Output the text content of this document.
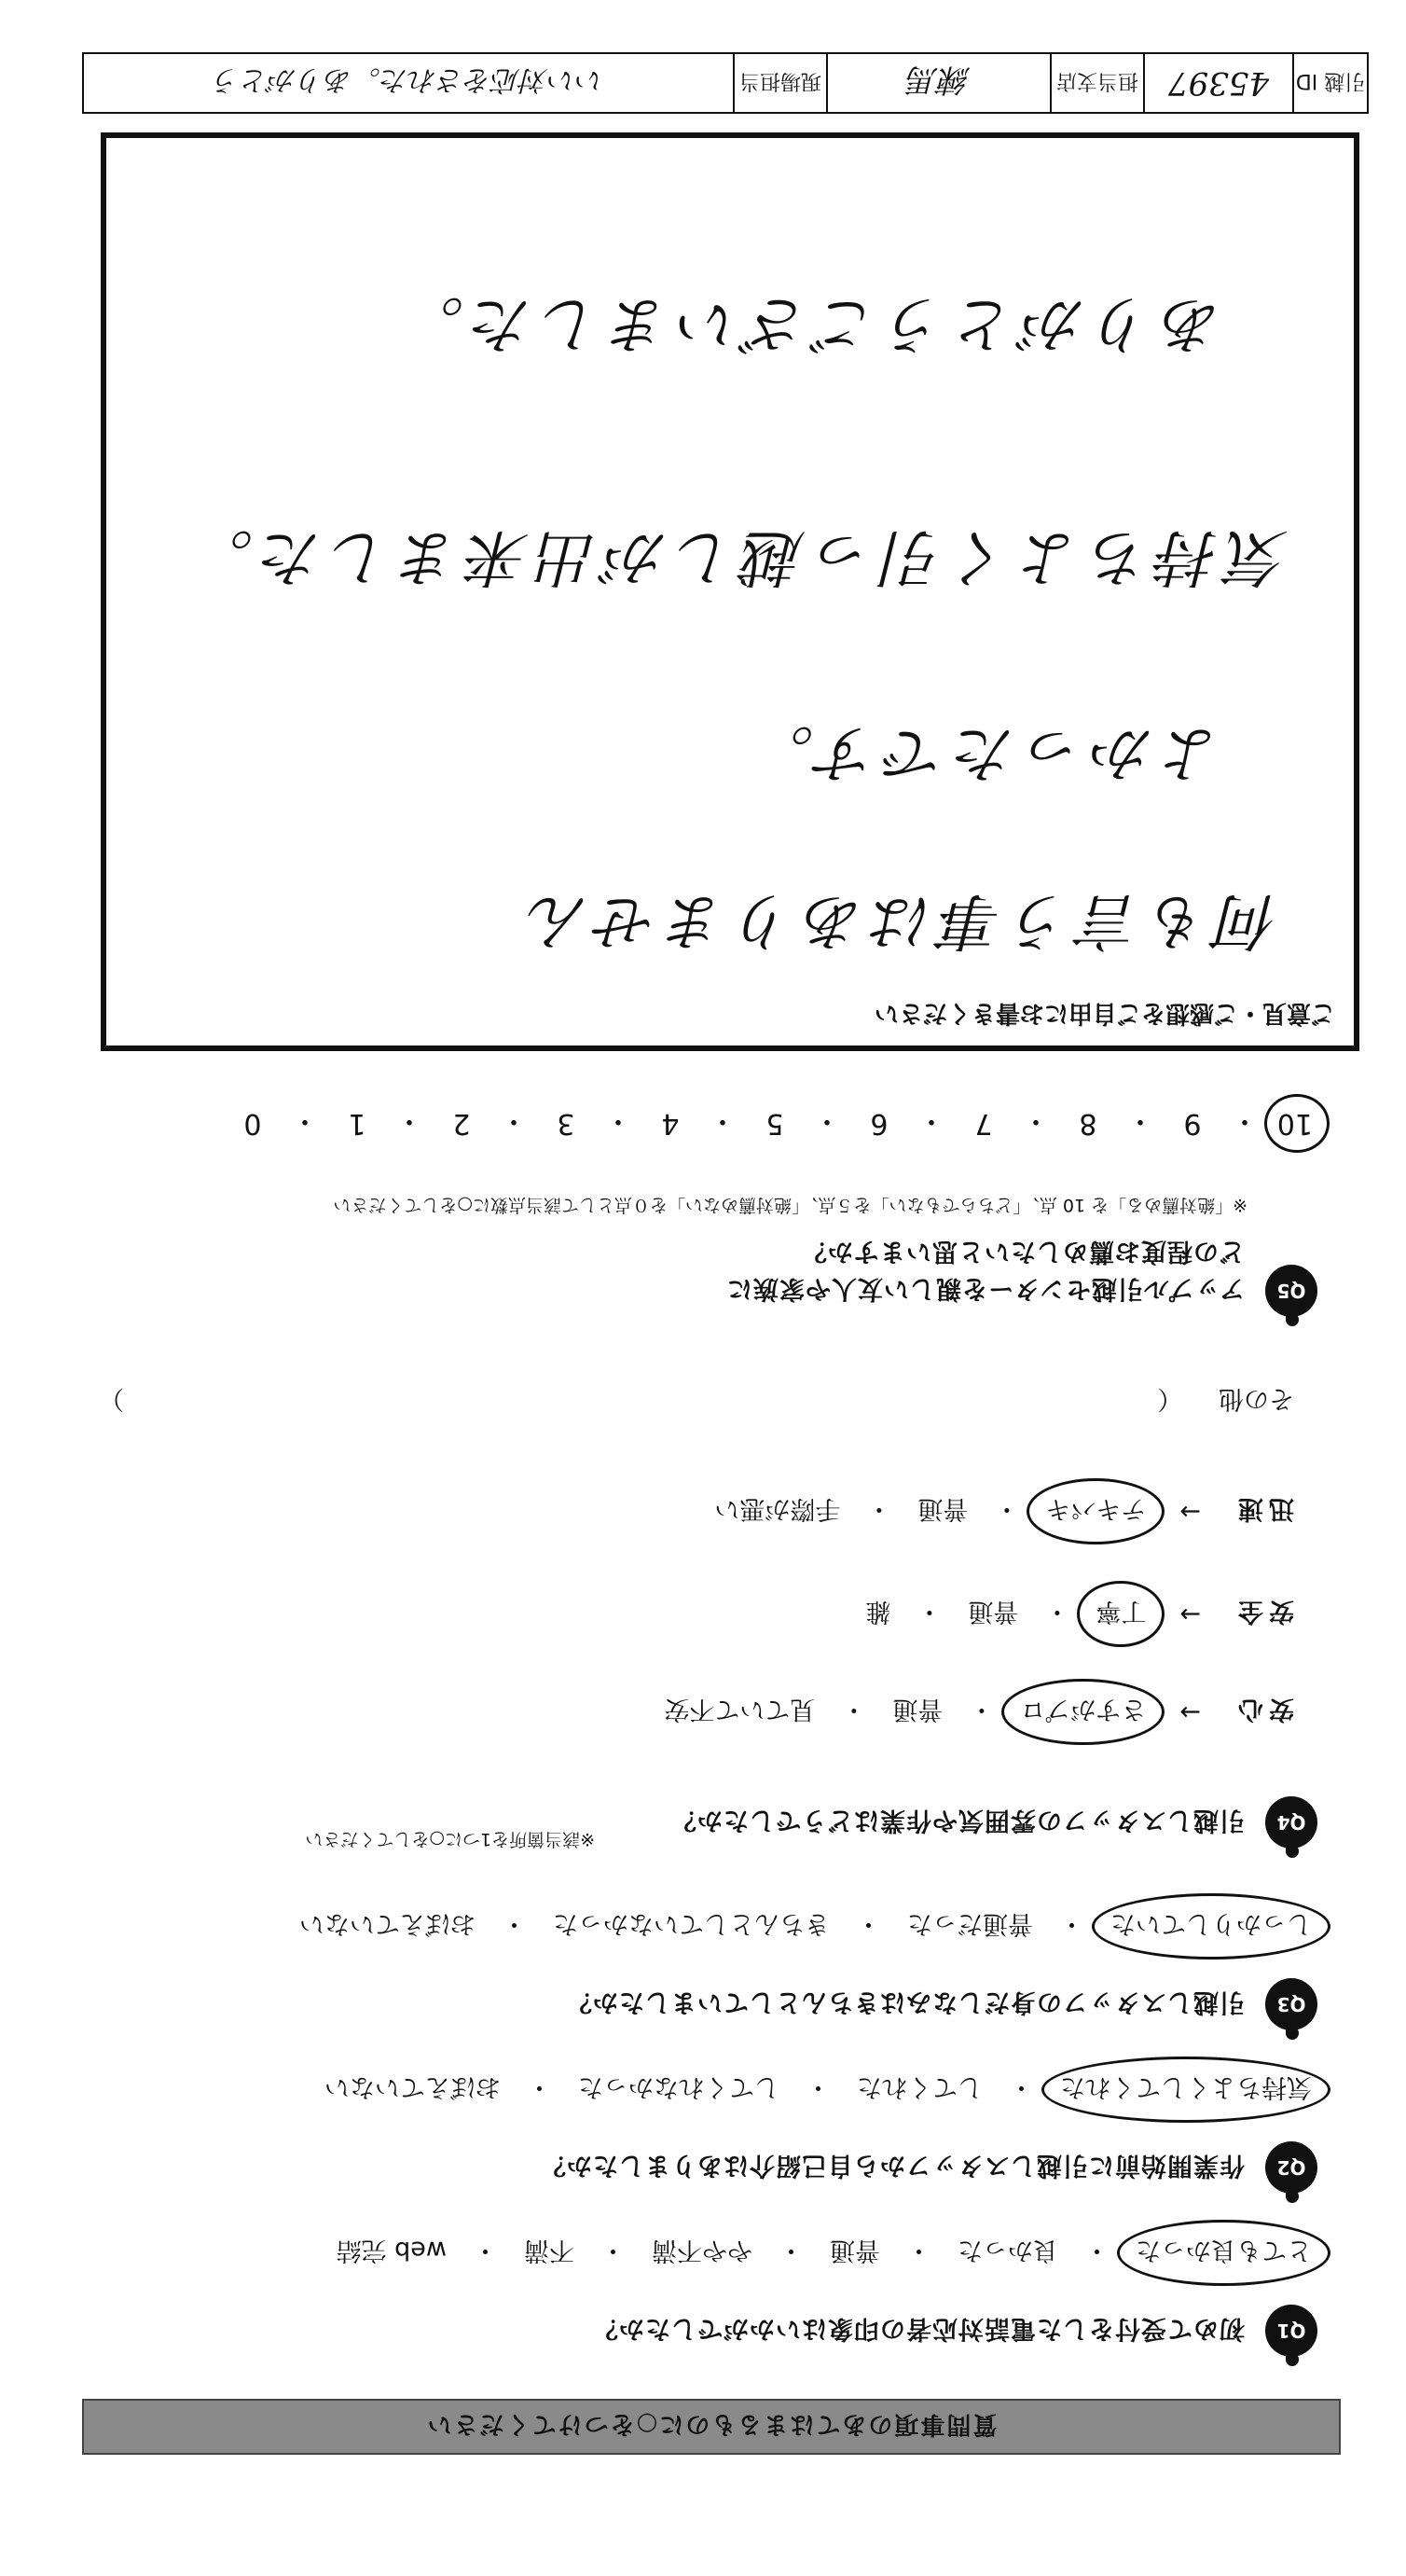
質問事項のあてはまるものに○をつけてください
Q1
初めて受付をした電話対応者の印象はいかがでしたか？
とても良かった
・
良かった
・
普通
・
やや不満
・
不満
・
web 完結
Q2
作業開始前に引越しスタッフから自己紹介はありましたか？
気持ちよくしてくれた
・
してくれた
・
してくれなかった
・
おぼえていない
Q3
引越しスタッフの身だしなみはきちんとしていましたか？
しっかりしていた
・
普通だった
・
きちんとしていなかった
・
おぼえていない
Q4
引越しスタッフの雰囲気や作業はどうでしたか？
※該当箇所を1つに○をしてください
安心
→
さすがプロ
・
普通
・
見ていて不安
安全
→
丁寧
・
普通
・
雑
迅速
→
テキパキ
・
普通
・
手際が悪い
その他 （
）
Q5
アップル引越センターを親しい友人や家族に
どの程度お薦めしたいと思いますか？
※「絶対薦める」を 10 点、「どちらでもない」を５点、「絶対薦めない」を０点として該当点数に○をしてください
10
・
9
・
8
・
7
・
6
・
5
・
4
・
3
・
2
・
1
・
0
ご意見・ご感想をご自由にお書きください
何も言う事はありません
よかったです。
気持ちよく引っ越しが出来ました。
ありがとうございました。
引越 ID
45397
担当支店
練馬
現場担当
いい対応をされた。ありがとう
